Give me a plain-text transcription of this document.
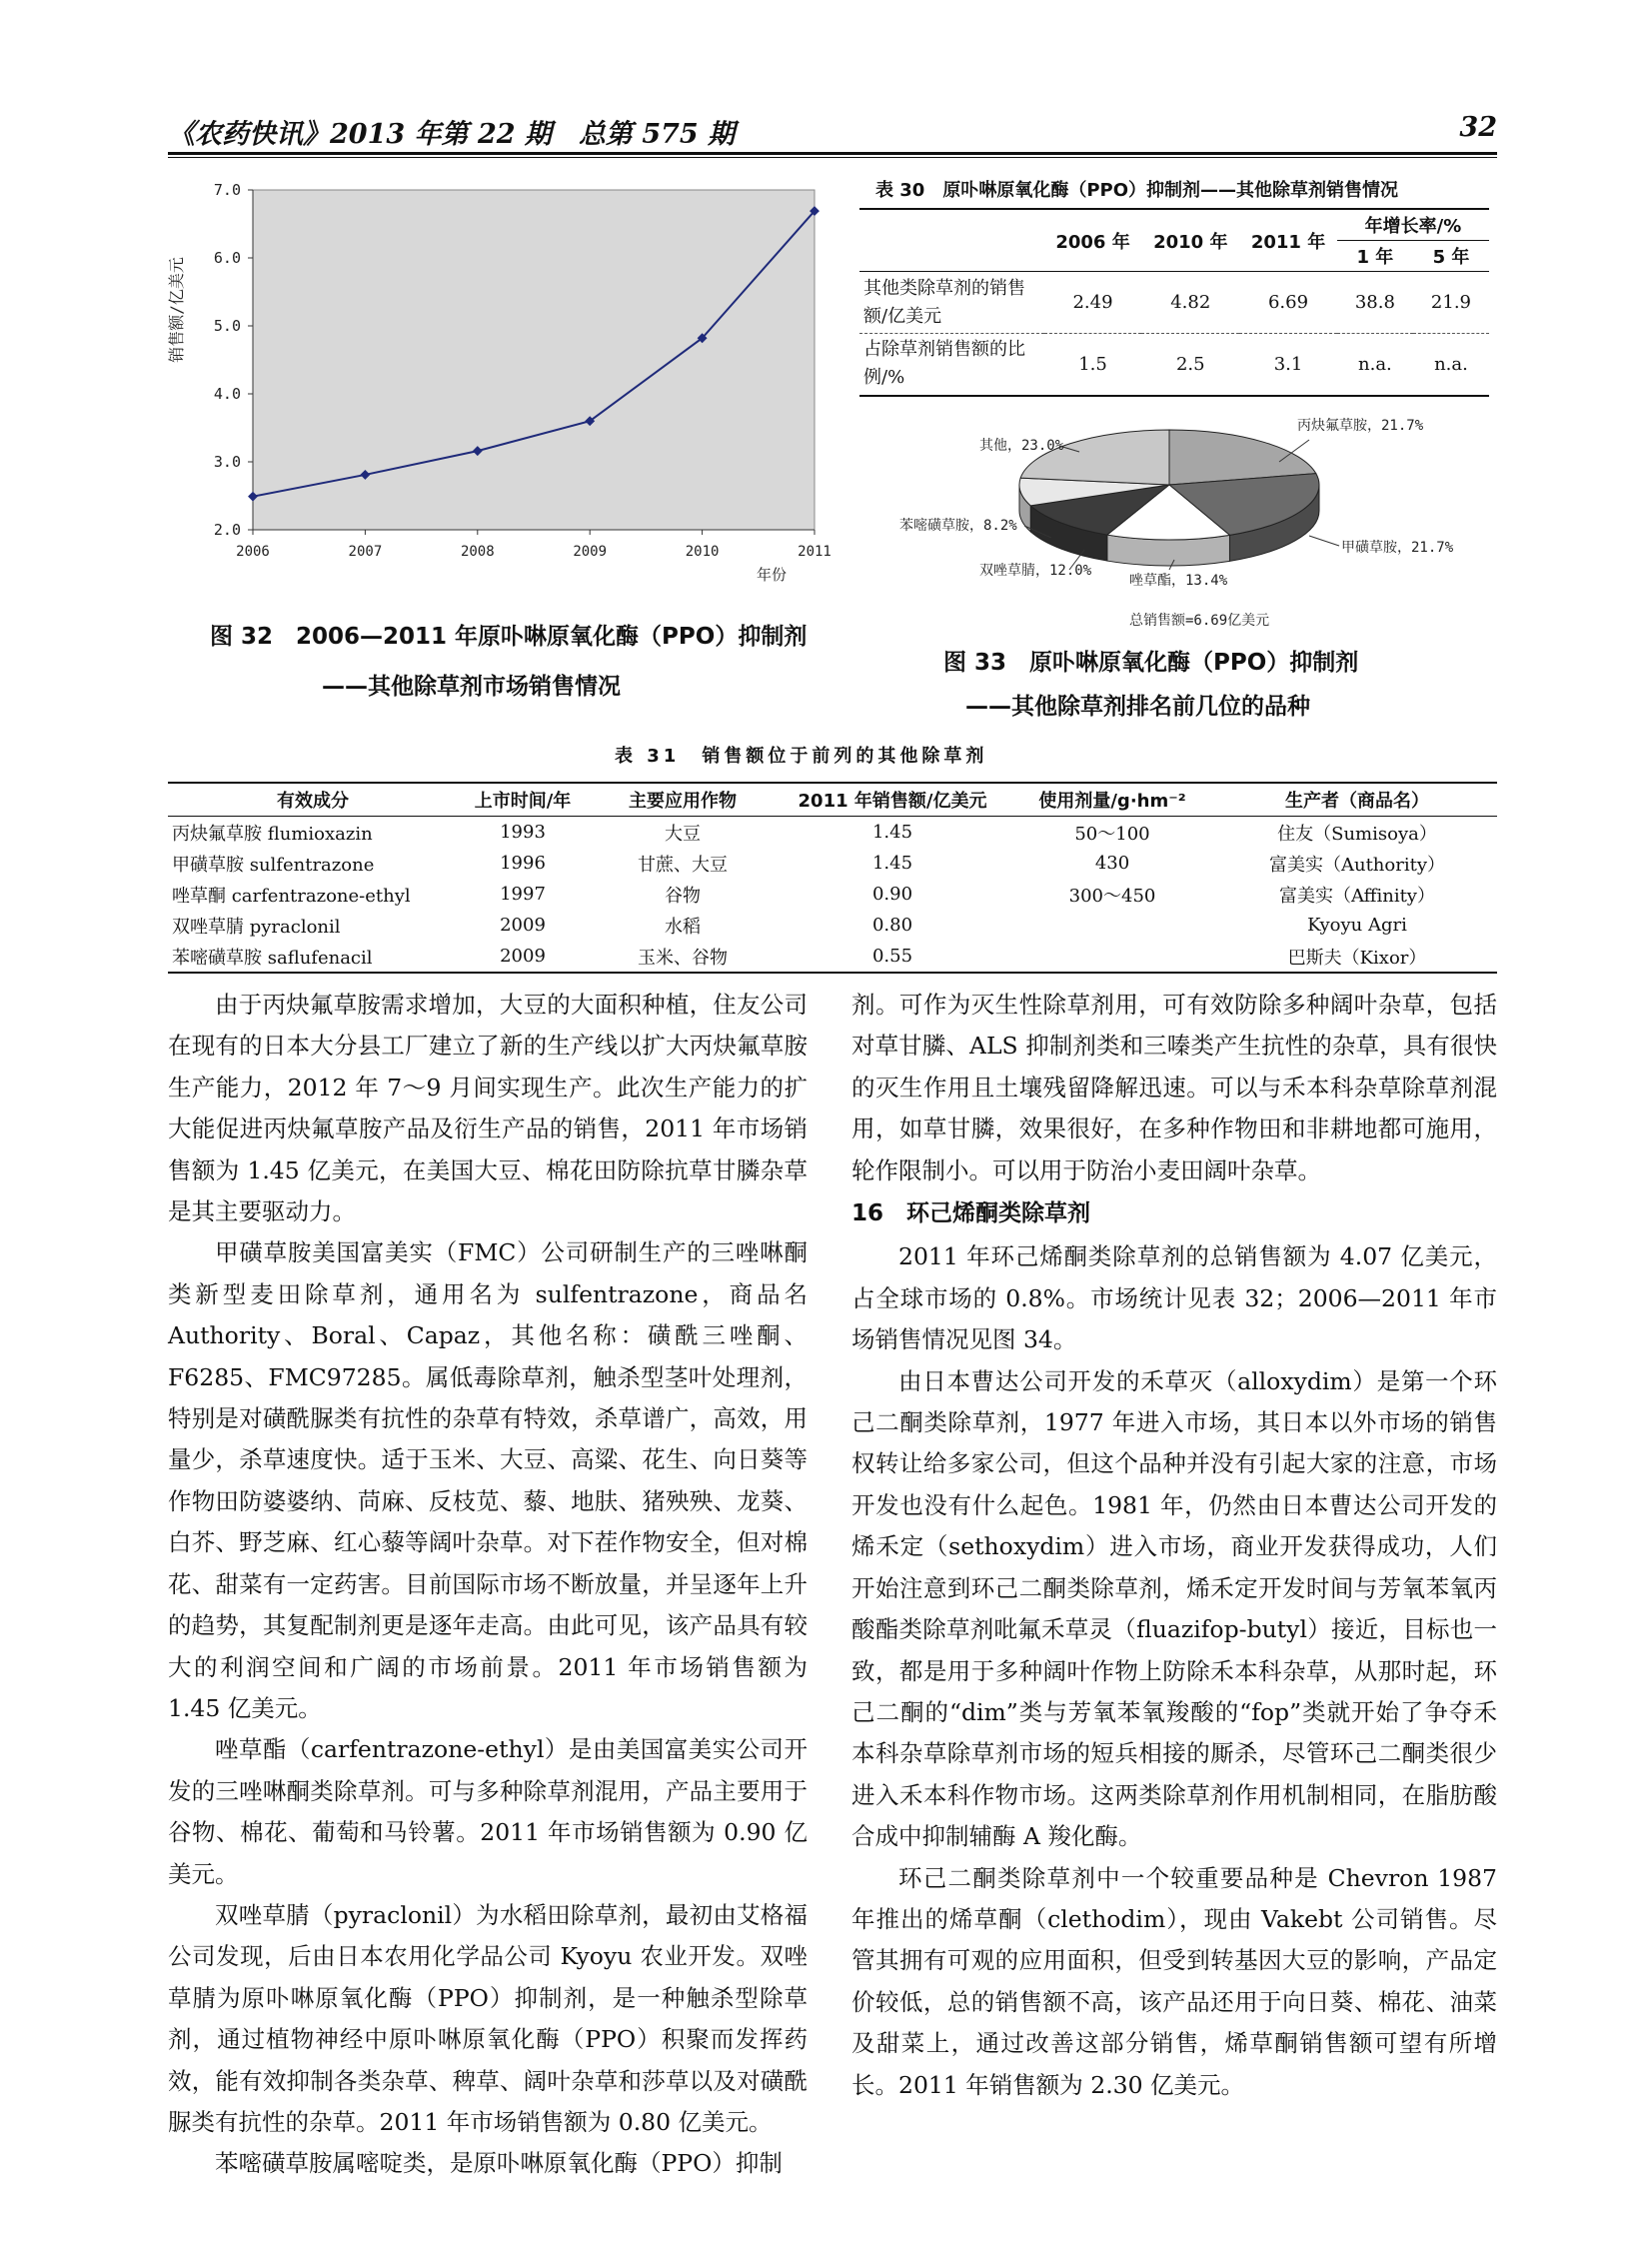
《农药快讯》2013 年第 22 期　总第 575 期	32
2.0
3.0
4.0
5.0
6.0
7.0
2006	2007	2008	2009	2010	2011
销售额/亿美元
年份
图 32　2006—2011 年原卟啉原氧化酶（PPO）抑制剂
——其他除草剂市场销售情况
表 30　原卟啉原氧化酶（PPO）抑制剂——其他除草剂销售情况
	2006 年	2010 年	2011 年	年增长率/%	
				1 年	5 年
其他类除草剂的销售额/亿美元	2.49	4.82	6.69	38.8	21.9
占除草剂销售额的比例/%	1.5	2.5	3.1	n.a.	n.a.
其他，23.0%
丙炔氟草胺，21.7%
苯嘧磺草胺，8.2%
甲磺草胺，21.7%
双唑草腈，12.0%
唑草酯，13.4%
总销售额=6.69亿美元
图 33　原卟啉原氧化酶（PPO）抑制剂
——其他除草剂排名前几位的品种
表 31　销售额位于前列的其他除草剂
有效成分	上市时间/年	主要应用作物	2011 年销售额/亿美元	使用剂量/g·hm⁻²	生产者（商品名）
丙炔氟草胺 flumioxazin	1993	大豆	1.45	50～100	住友（Sumisoya）
甲磺草胺 sulfentrazone	1996	甘蔗、大豆	1.45	430	富美实（Authority）
唑草酮 carfentrazone-ethyl	1997	谷物	0.90	300～450	富美实（Affinity）
双唑草腈 pyraclonil	2009	水稻	0.80		Kyoyu Agri
苯嘧磺草胺 saflufenacil	2009	玉米、谷物	0.55		巴斯夫（Kixor）

由于丙炔氟草胺需求增加，大豆的大面积种植，住友公司在现有的日本大分县工厂建立了新的生产线以扩大丙炔氟草胺生产能力，2012 年 7～9 月间实现生产。此次生产能力的扩大能促进丙炔氟草胺产品及衍生产品的销售，2011 年市场销售额为 1.45 亿美元，在美国大豆、棉花田防除抗草甘膦杂草是其主要驱动力。

甲磺草胺美国富美实（FMC）公司研制生产的三唑啉酮类新型麦田除草剂，通用名为 sulfentrazone，商品名 Authority、Boral、Capaz，其他名称：磺酰三唑酮、F6285、FMC97285。属低毒除草剂，触杀型茎叶处理剂，特别是对磺酰脲类有抗性的杂草有特效，杀草谱广，高效，用量少，杀草速度快。适于玉米、大豆、高粱、花生、向日葵等作物田防婆婆纳、苘麻、反枝苋、藜、地肤、猪殃殃、龙葵、白芥、野芝麻、红心藜等阔叶杂草。对下茬作物安全，但对棉花、甜菜有一定药害。目前国际市场不断放量，并呈逐年上升的趋势，其复配制剂更是逐年走高。由此可见，该产品具有较大的利润空间和广阔的市场前景。2011 年市场销售额为 1.45 亿美元。

唑草酯（carfentrazone-ethyl）是由美国富美实公司开发的三唑啉酮类除草剂。可与多种除草剂混用，产品主要用于谷物、棉花、葡萄和马铃薯。2011 年市场销售额为 0.90 亿美元。

双唑草腈（pyraclonil）为水稻田除草剂，最初由艾格福公司发现，后由日本农用化学品公司 Kyoyu 农业开发。双唑草腈为原卟啉原氧化酶（PPO）抑制剂，是一种触杀型除草剂，通过植物神经中原卟啉原氧化酶（PPO）积聚而发挥药效，能有效抑制各类杂草、稗草、阔叶杂草和莎草以及对磺酰脲类有抗性的杂草。2011 年市场销售额为 0.80 亿美元。

苯嘧磺草胺属嘧啶类，是原卟啉原氧化酶（PPO）抑制

剂。可作为灭生性除草剂用，可有效防除多种阔叶杂草，包括对草甘膦、ALS 抑制剂类和三嗪类产生抗性的杂草，具有很快的灭生作用且土壤残留降解迅速。可以与禾本科杂草除草剂混用，如草甘膦，效果很好，在多种作物田和非耕地都可施用，轮作限制小。可以用于防治小麦田阔叶杂草。

16　环己烯酮类除草剂

2011 年环己烯酮类除草剂的总销售额为 4.07 亿美元，占全球市场的 0.8%。市场统计见表 32；2006—2011 年市场销售情况见图 34。

由日本曹达公司开发的禾草灭（alloxydim）是第一个环己二酮类除草剂，1977 年进入市场，其日本以外市场的销售权转让给多家公司，但这个品种并没有引起大家的注意，市场开发也没有什么起色。1981 年，仍然由日本曹达公司开发的烯禾定（sethoxydim）进入市场，商业开发获得成功，人们开始注意到环己二酮类除草剂，烯禾定开发时间与芳氧苯氧丙酸酯类除草剂吡氟禾草灵（fluazifop-butyl）接近，目标也一致，都是用于多种阔叶作物上防除禾本科杂草，从那时起，环己二酮的“dim”类与芳氧苯氧羧酸的“fop”类就开始了争夺禾本科杂草除草剂市场的短兵相接的厮杀，尽管环己二酮类很少进入禾本科作物市场。这两类除草剂作用机制相同，在脂肪酸合成中抑制辅酶 A 羧化酶。

环己二酮类除草剂中一个较重要品种是 Chevron 1987 年推出的烯草酮（clethodim），现由 Vakebt 公司销售。尽管其拥有可观的应用面积，但受到转基因大豆的影响，产品定价较低，总的销售额不高，该产品还用于向日葵、棉花、油菜及甜菜上，通过改善这部分销售，烯草酮销售额可望有所增长。2011 年销售额为 2.30 亿美元。
